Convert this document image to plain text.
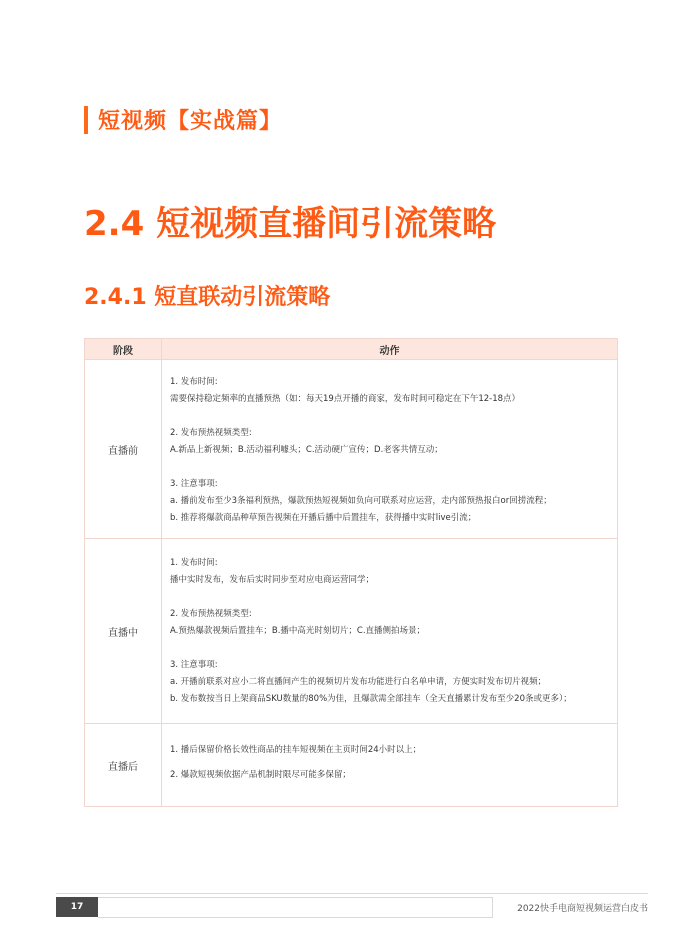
短视频【实战篇】
2.4 短视频直播间引流策略
2.4.1 短直联动引流策略
阶段	动作
直播前
1. 发布时间:
需要保持稳定频率的直播预热（如：每天19点开播的商家，发布时间可稳定在下午12-18点）
2. 发布预热视频类型:
A.新品上新视频；B.活动福利噱头；C.活动硬广宣传；D.老客共情互动；
3. 注意事项:
a. 播前发布至少3条福利预热，爆款预热短视频如负向可联系对应运营，走内部预热报白or回捞流程；
b. 推荐将爆款商品种草预告视频在开播后播中后置挂车，获得播中实时live引流；
直播中
1. 发布时间:
播中实时发布，发布后实时同步至对应电商运营同学；
2. 发布预热视频类型:
A.预热爆款视频后置挂车；B.播中高光时刻切片；C.直播侧拍场景；
3. 注意事项:
a. 开播前联系对应小二将直播间产生的视频切片发布功能进行白名单申请，方便实时发布切片视频；
b. 发布数按当日上架商品SKU数量的80%为佳，且爆款需全部挂车（全天直播累计发布至少20条或更多）；
直播后
1. 播后保留价格长效性商品的挂车短视频在主页时间24小时以上；
2. 爆款短视频依据产品机制时限尽可能多保留；
17	2022快手电商短视频运营白皮书
